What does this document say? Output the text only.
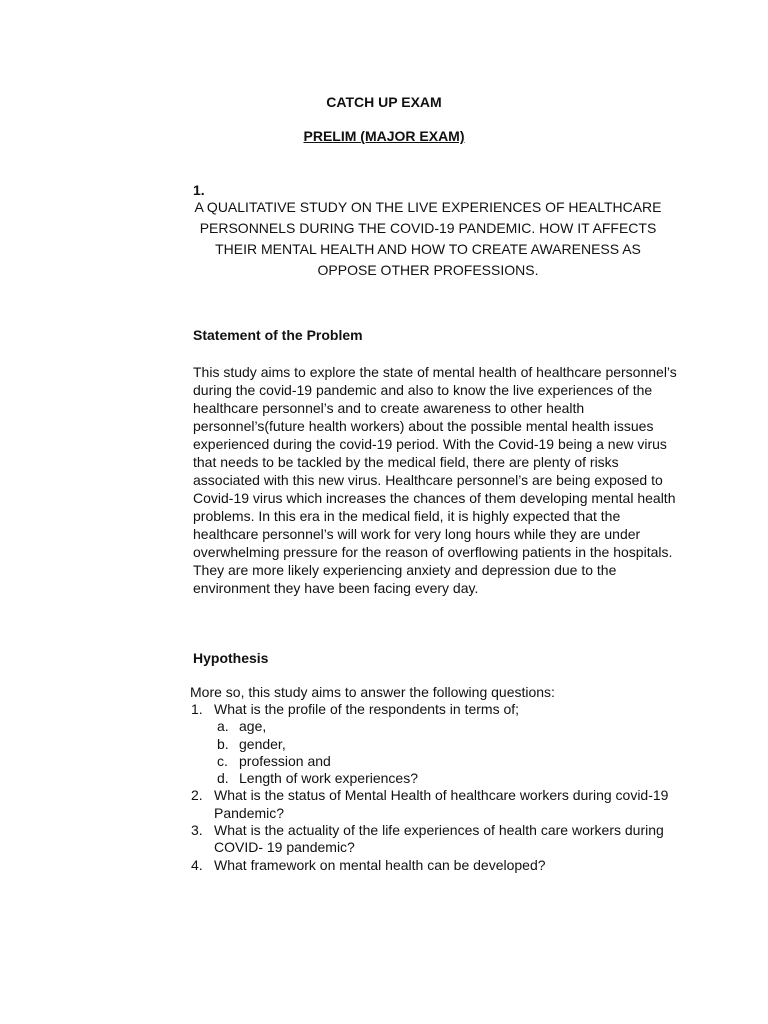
CATCH UP EXAM
PRELIM (MAJOR EXAM)
1.

A QUALITATIVE STUDY ON THE LIVE EXPERIENCES OF HEALTHCARE PERSONNELS DURING THE COVID-19 PANDEMIC. HOW IT AFFECTS THEIR MENTAL HEALTH AND HOW TO CREATE AWARENESS AS OPPOSE OTHER PROFESSIONS.

Statement of the Problem

This study aims to explore the state of mental health of healthcare personnel’s during the covid-19 pandemic and also to know the live experiences of the healthcare personnel’s and to create awareness to other health personnel’s(future health workers) about the possible mental health issues experienced during the covid-19 period. With the Covid-19 being a new virus that needs to be tackled by the medical field, there are plenty of risks associated with this new virus. Healthcare personnel’s are being exposed to Covid-19 virus which increases the chances of them developing mental health problems. In this era in the medical field, it is highly expected that the healthcare personnel’s will work for very long hours while they are under overwhelming pressure for the reason of overflowing patients in the hospitals. They are more likely experiencing anxiety and depression due to the environment they have been facing every day.

Hypothesis

More so, this study aims to answer the following questions:

1. What is the profile of the respondents in terms of;
a. age,
b. gender,
c. profession and
d. Length of work experiences?
2. What is the status of Mental Health of healthcare workers during covid-19 Pandemic?
3. What is the actuality of the life experiences of health care workers during COVID- 19 pandemic?
4. What framework on mental health can be developed?
